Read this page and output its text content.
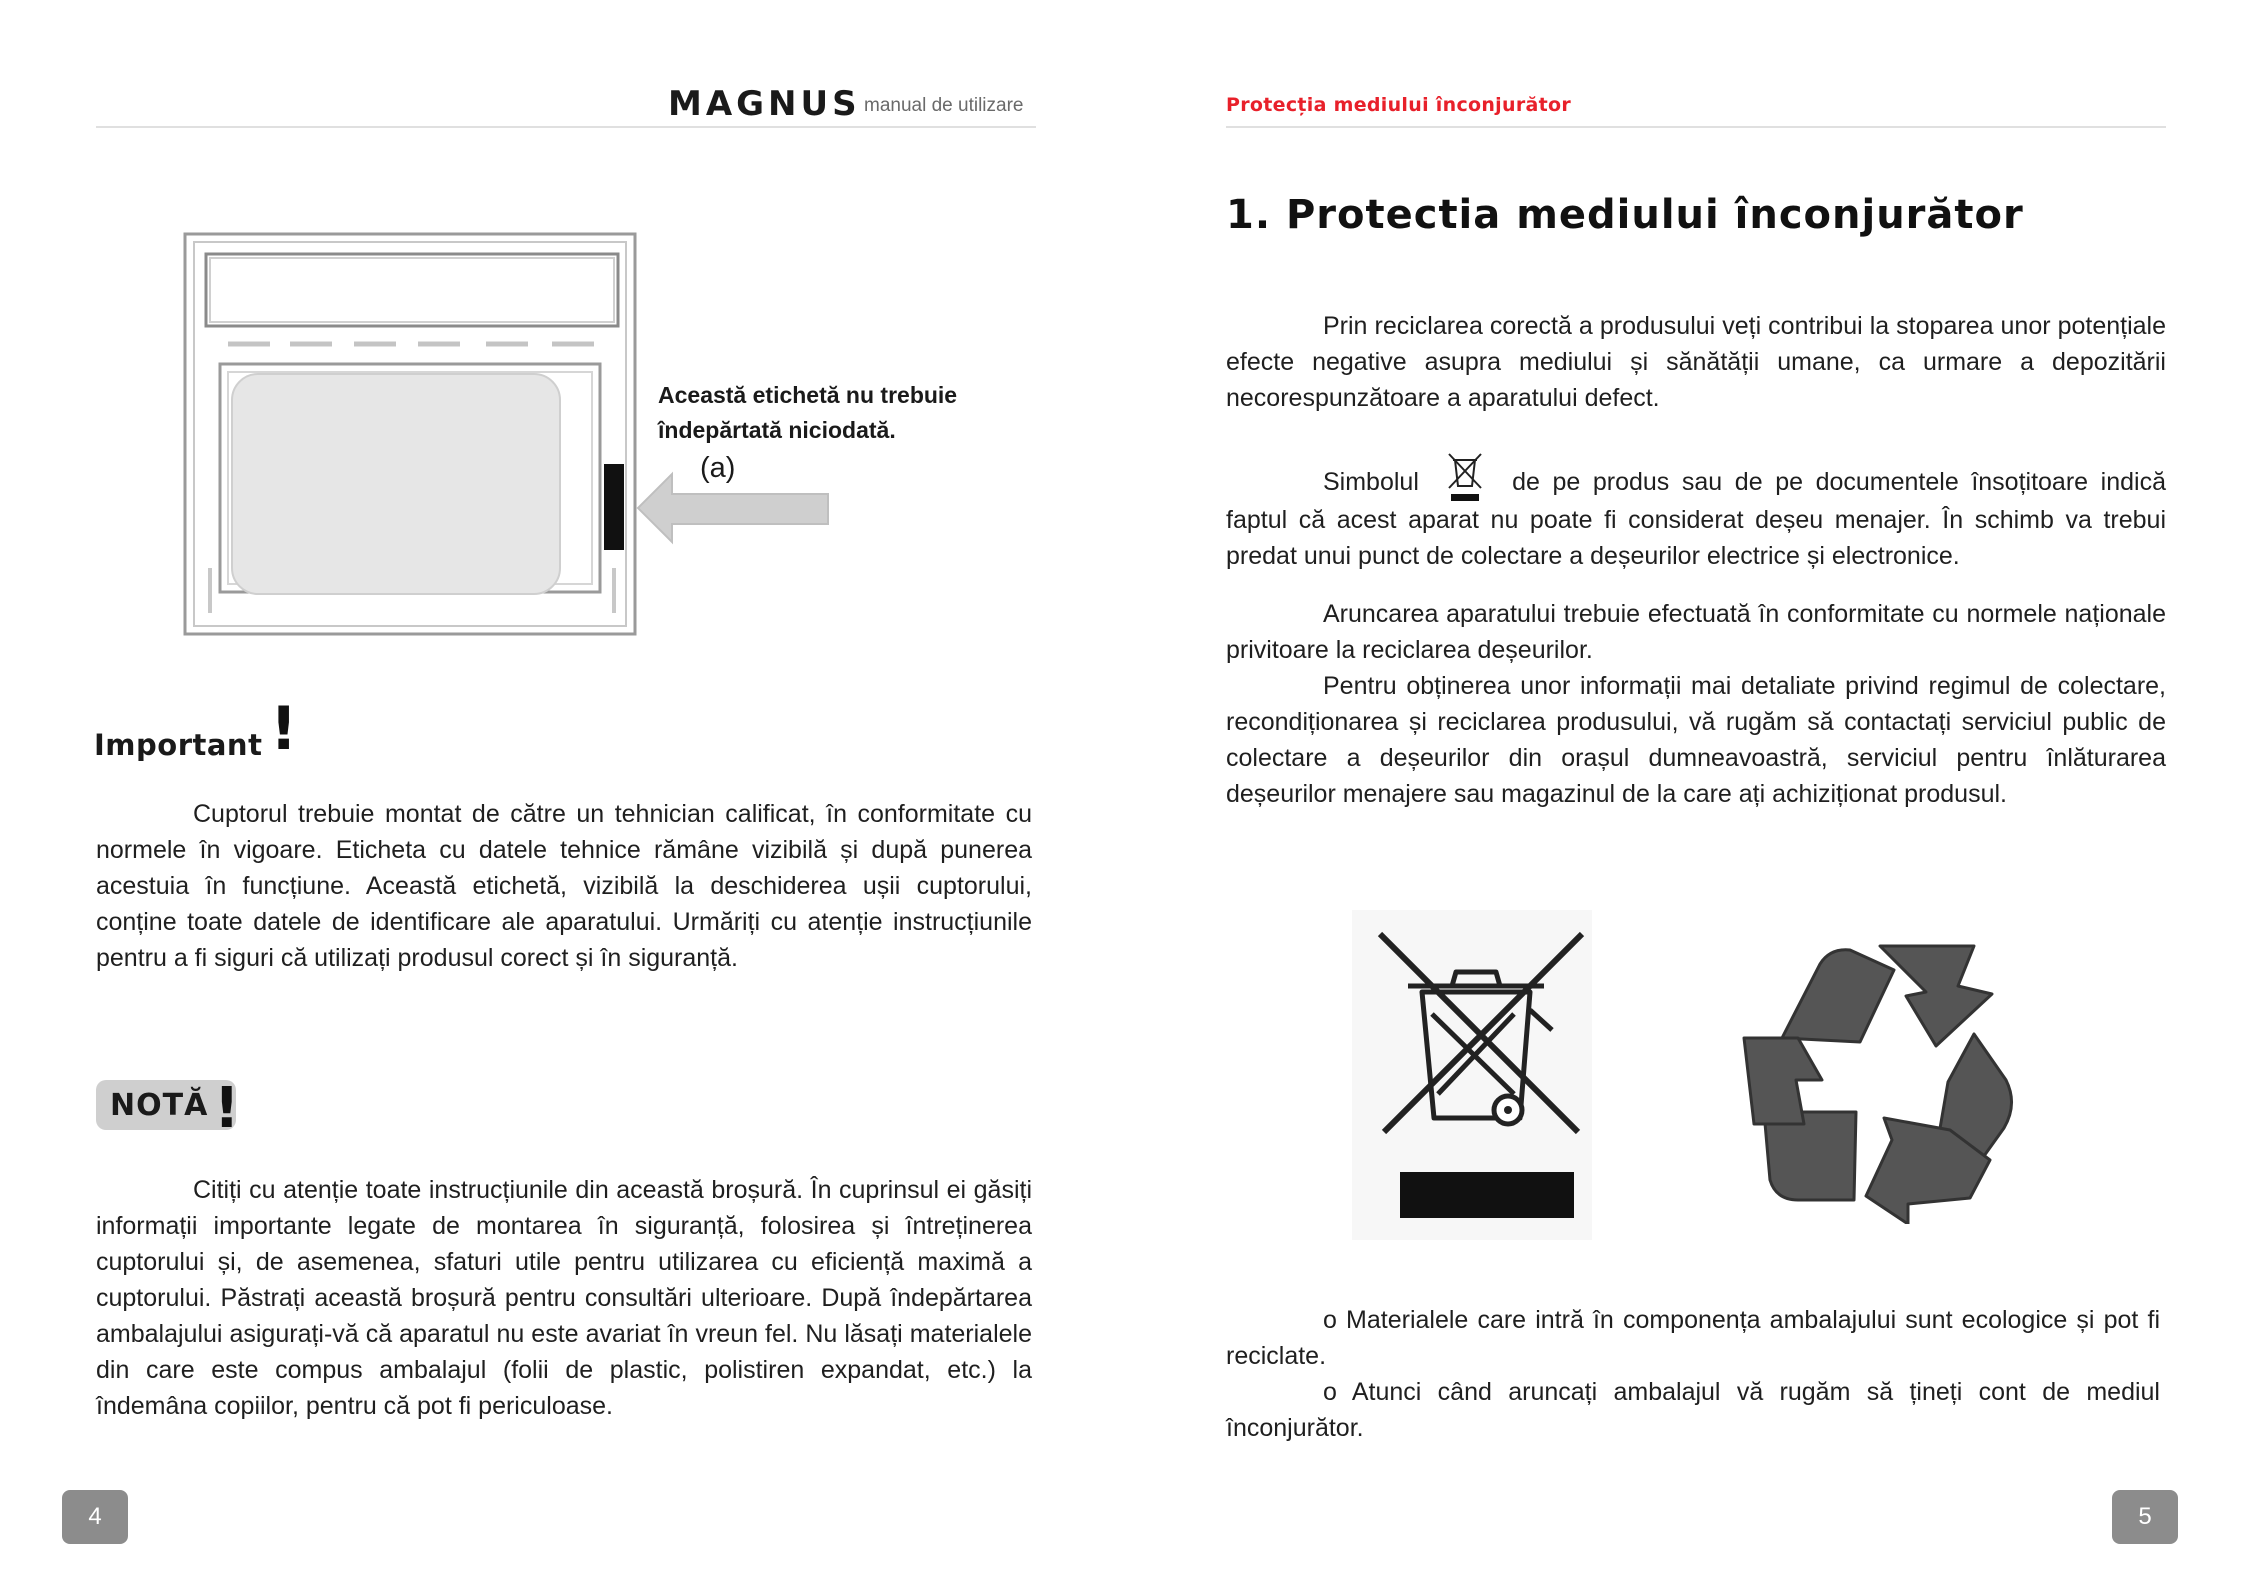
MAGNUS manual de utilizare
Această etichetă nu trebuie
îndepărtată niciodată.
(a)
Important !

Cuptorul trebuie montat de către un tehnician calificat, în conformitate cu normele în vigoare. Eticheta cu datele tehnice rămâne vizibilă și după punerea acestuia în funcțiune. Această etichetă, vizibilă la deschiderea ușii cuptorului, conține toate datele de identificare ale aparatului. Urmăriți cu atenție instrucțiunile pentru a fi siguri că utilizați produsul corect și în siguranță.

NOTĂ !

Citiți cu atenție toate instrucțiunile din această broșură. În cuprinsul ei găsiți informații importante legate de montarea în siguranță, folosirea și întreținerea cuptorului și, de asemenea, sfaturi utile pentru utilizarea cu eficiență maximă a cuptorului. Păstrați această broșură pentru consultări ulterioare. După îndepărtarea ambalajului asigurați-vă că aparatul nu este avariat în vreun fel. Nu lăsați materialele din care este compus ambalajul (folii de plastic, polistiren expandat, etc.) la îndemâna copiilor, pentru că pot fi periculoase.

4
Protecția mediului înconjurător
1. Protectia mediului înconjurător

Prin reciclarea corectă a produsului veți contribui la stoparea unor potențiale efecte negative asupra mediului și sănătății umane, ca urmare a depozitării necorespunzătoare a aparatului defect.

Simbolul	de pe produs sau de pe documentele însoțitoare indică faptul că acest aparat nu poate fi considerat deșeu menajer. În schimb va trebui predat unui punct de colectare a deșeurilor electrice și electronice.

Aruncarea aparatului trebuie efectuată în conformitate cu normele naționale privitoare la reciclarea deșeurilor.

Pentru obținerea unor informații mai detaliate privind regimul de colectare, recondiționarea și reciclarea produsului, vă rugăm să contactați serviciul public de colectare a deșeurilor din orașul dumneavoastră, serviciul pentru înlăturarea deșeurilor menajere sau magazinul de la care ați achiziționat produsul.

o Materialele care intră în componența ambalajului sunt ecologice și pot fi reciclate.

o Atunci când aruncați ambalajul vă rugăm să țineți cont de mediul înconjurător.

5
